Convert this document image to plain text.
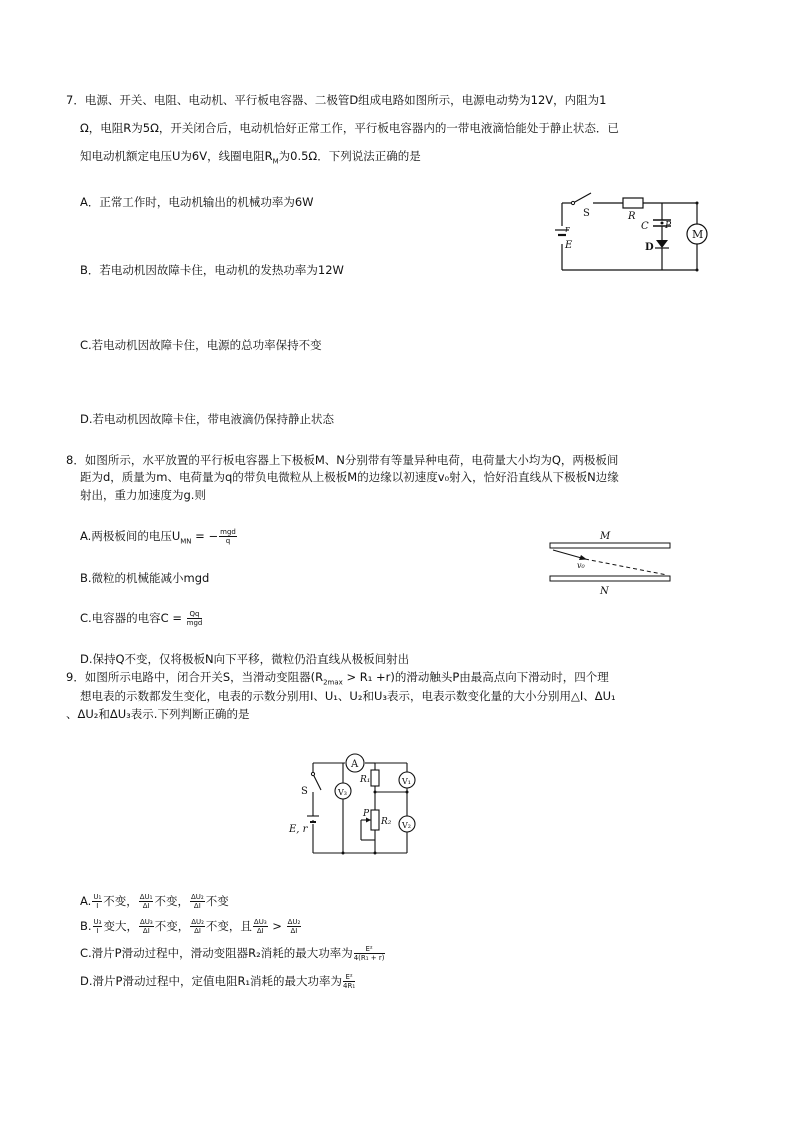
7．电源、开关、电阻、电动机、平行板电容器、二极管D组成电路如图所示，电源电动势为12V，内阻为1
Ω，电阻R为5Ω，开关闭合后，电动机恰好正常工作，平行板电容器内的一带电液滴恰能处于静止状态．已
知电动机额定电压U为6V，线圈电阻$R_M$为0.5Ω．下列说法正确的是
A．正常工作时，电动机输出的机械功率为6W
B．若电动机因故障卡住，电动机的发热功率为12W
C.若电动机因故障卡住，电源的总功率保持不变
D.若电动机因故障卡住，带电液滴仍保持静止状态
S	R
C P
r
E	D
M
8．如图所示，水平放置的平行板电容器上下极板M、N分别带有等量异种电荷，电荷量大小均为Q，两极板间
距为d，质量为m、电荷量为q的带负电微粒从上极板M的边缘以初速度v₀射入，恰好沿直线从下极板N边缘
射出，重力加速度为g.则
A.两极板间的电压$U_{MN}$ = − mgd
q
B.微粒的机械能减小mgd
C.电容器的电容C = Qq
mgd
D.保持Q不变，仅将极板N向下平移，微粒仍沿直线从极板间射出
M
N
v₀
9．如图所示电路中，闭合开关S，当滑动变阻器$(R_{2max} > R_1 +r)$的滑动触头P由最高点向下滑动时，四个理
想电表的示数都发生变化，电表的示数分别用I、U₁、U₂和U₃表示，电表示数变化量的大小分别用△I、ΔU₁
、ΔU₂和ΔU₃表示.下列判断正确的是
A
V₃
V₁
V₂
R₁
R₂
P
S
E, r
A. $\frac{\text{U₁}}{I}$ 不变， $\frac{\text{ΔU₁}}{\Delta I}$ 不变， $\frac{\text{ΔU₂}}{\Delta I}$ 不变
B. $\frac{\text{U₃}}{I}$ 变大， $\frac{\text{ΔU₃}}{\Delta I}$ 不变， $\frac{\text{ΔU₂}}{\Delta I}$ 不变，且 $\frac{\text{ΔU₃}}{\Delta I} > \frac{\text{ΔU₂}}{\Delta I}$
C.滑片P滑动过程中，滑动变阻器R₂消耗的最大功率为 $\frac{\text{E²}}{\text{4(R₁ + r)}}$
D.滑片P滑动过程中，定值电阻R₁消耗的最大功率为 $\frac{\text{E²}}{\text{4R₁}}$
